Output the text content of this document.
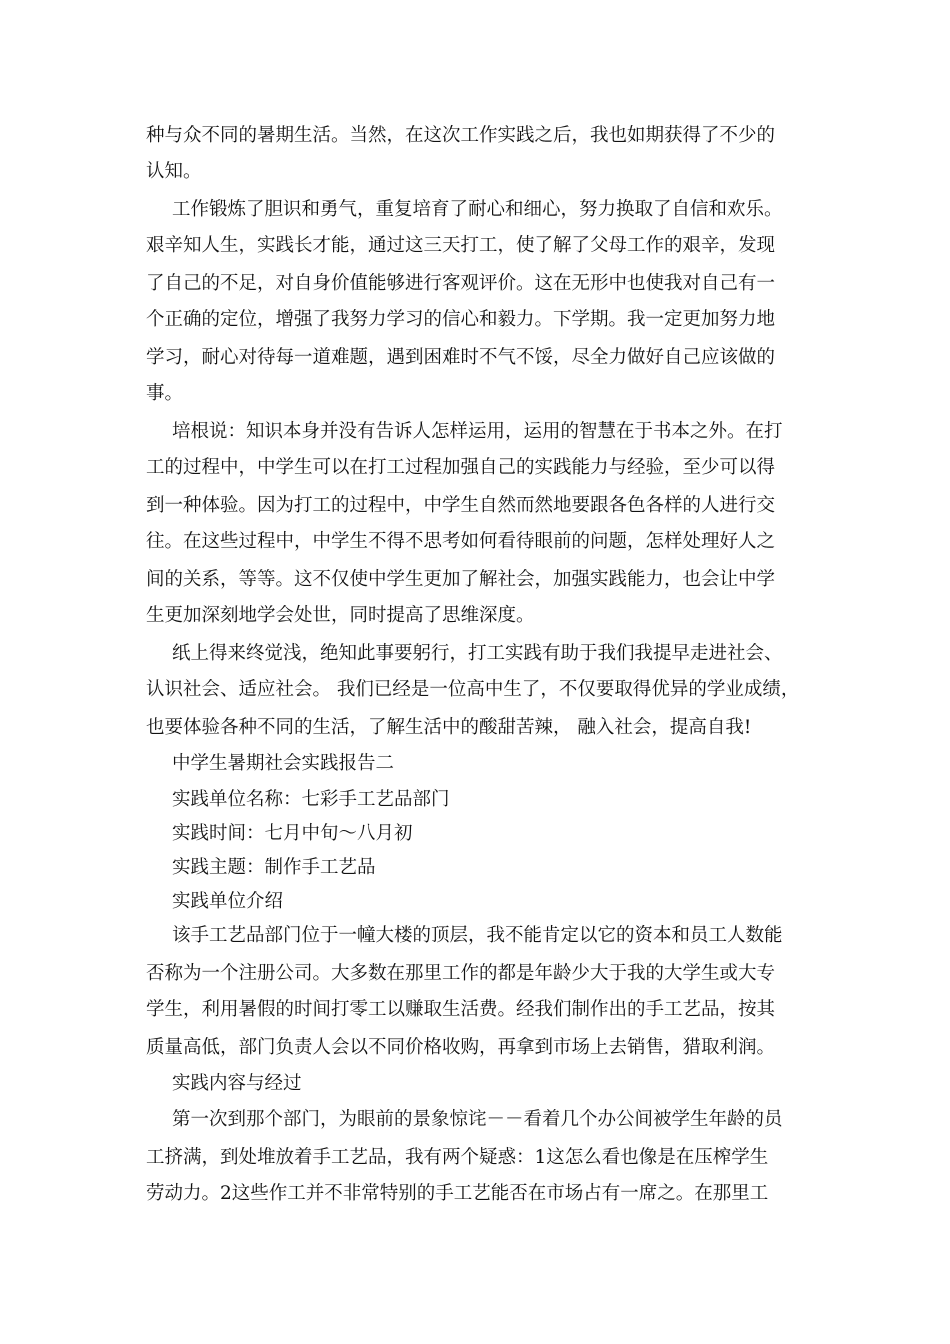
种与众不同的暑期生活。当然，在这次工作实践之后，我也如期获得了不少的
认知。
工作锻炼了胆识和勇气，重复培育了耐心和细心，努力换取了自信和欢乐。
艰辛知人生，实践长才能，通过这三天打工，使了解了父母工作的艰辛，发现
了自己的不足，对自身价值能够进行客观评价。这在无形中也使我对自己有一
个正确的定位，增强了我努力学习的信心和毅力。下学期。我一定更加努力地
学习，耐心对待每一道难题，遇到困难时不气不馁，尽全力做好自己应该做的
事。
培根说：知识本身并没有告诉人怎样运用，运用的智慧在于书本之外。在打
工的过程中，中学生可以在打工过程加强自己的实践能力与经验，至少可以得
到一种体验。因为打工的过程中，中学生自然而然地要跟各色各样的人进行交
往。在这些过程中，中学生不得不思考如何看待眼前的问题，怎样处理好人之
间的关系，等等。这不仅使中学生更加了解社会，加强实践能力，也会让中学
生更加深刻地学会处世，同时提高了思维深度。
纸上得来终觉浅，绝知此事要躬行，打工实践有助于我们我提早走进社会、
认识社会、适应社会。 我们已经是一位高中生了，不仅要取得优异的学业成绩，
也要体验各种不同的生活，了解生活中的酸甜苦辣， 融入社会，提高自我!
中学生暑期社会实践报告二
实践单位名称：七彩手工艺品部门
实践时间：七月中旬～八月初
实践主题：制作手工艺品
实践单位介绍
该手工艺品部门位于一幢大楼的顶层，我不能肯定以它的资本和员工人数能
否称为一个注册公司。大多数在那里工作的都是年龄少大于我的大学生或大专
学生，利用暑假的时间打零工以赚取生活费。经我们制作出的手工艺品，按其
质量高低，部门负责人会以不同价格收购，再拿到市场上去销售，猎取利润。
实践内容与经过
第一次到那个部门，为眼前的景象惊诧－－看着几个办公间被学生年龄的员
工挤满，到处堆放着手工艺品，我有两个疑惑：1这怎么看也像是在压榨学生
劳动力。2这些作工并不非常特别的手工艺能否在市场占有一席之。在那里工
